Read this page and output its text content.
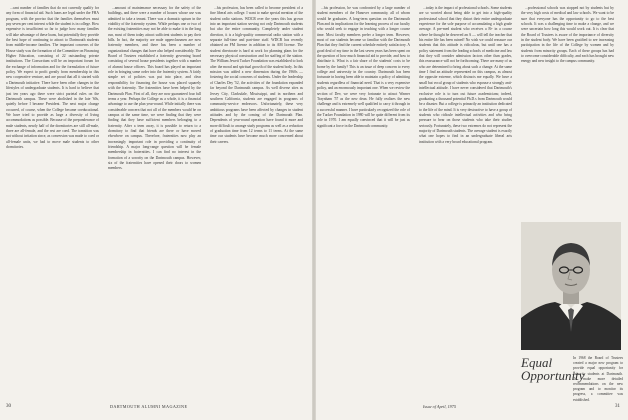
...cant number of families that do not currently qualify for any form of financial aid. Such loans are legal under the FHA program, with the proviso that the families themselves must pay seven per cent interest while the student is in college. How expensive is insufficient so far to judge how many families will take advantage of these loans, but potentially they provide the best hope of continuing to attract to Dartmouth students from middle-income families. The important concerns of the House study was the formation of the Committee on Financing Higher Education, consisting of 22 outstanding private institutions. The Consortium will be an important forum for the exchange of information and for the formulation of future policy. We expect to profit greatly from membership in this new cooperative venture, and are proud that all it started with a Dartmouth initiative. There have been other changes in the lifestyles of undergraduate students. It is hard to believe that just ten years ago there were strict parietal rules on the Dartmouth campus. These were abolished in the late '60s, quietly before I became President. The next major change occurred, of course, when the College became coeducational. We have tried to provide as large a diversity of living accommodations as possible. Because of the preponderance of male students, nearly half of the dormitories are still all-male, three are all-female, and the rest are coed. The transition was not without irritation since, as conversion was made to coed or all-female units, we had to move male students to other dormitories.

...amount of maintenance necessary for the safety of the buildings, and there were a number of houses whose use was admitted to take a tenant. There was a dramatic upturn in the viability of the fraternity system. While perhaps one or two of the existing fraternities may not be able to make it in the long run, most of them today attract sufficient students to pay their bills. In fact, the majority are male upperclassmen are now fraternity members, and there has been a number of organizational changes that have also helped considerably. The Board of Trustees established a fraternity governing board consisting of several house presidents together with a number of alumni house officers. This board has played an important role in bringing some order into the fraternity system. A fairly simple set of policies was put into place, and clear responsibility for financing the house was placed squarely with the fraternity. The fraternities have been helped by the Dartmouth Plan. First of all, they are now guaranteed four full terms a year. Perhaps the College as a whole, it is a financial advantage to use the plan year-round. While initially there was considerable concern that not all of the members would be on campus at the same time, we were finding that they were finding that they have sufficient members belonging to a fraternity. After a term away, it is possible to return to a dormitory to find that friends are there or have moved elsewhere on campus. Therefore, fraternities now play an increasingly important role in providing a continuity of friendship. A major long-range question will be female membership in fraternities. I can find no interest in the formation of a sorority on the Dartmouth campus. However, six of the fraternities have opened their doors to women members.

...his profession, has been called to become president of a fine liberal arts college. I want to make special mention of the student radio stations. WDCR over the years this has grown into an important station serving not only Dartmouth students but also the entire community. Completely under student direction, it is a high-quality commercial radio station with a separate full-time and part-time staff. WDCR has recently obtained an FM license in addition to its AM license. The student directorate is hard at work for planning plans for the necessary physical construction and for staffing of the station. The William Jewett Tucker Foundation was established to look after the moral and spiritual growth of the student body. In this mission was added a new dimension during the 1960s — fostering the social concerns of students. Under the leadership of Charles Dey '52, the activities of the foundation expanded far beyond the Dartmouth campus. As well diverse sites as Jersey City, Clarksdale, Mississippi, and in northern and southern California, students are engaged in programs of community-service endeavors. Unfortunately, these very ambitious programs have been affected by changes in student attitudes and by the coming of the Dartmouth Plan. Dependents of year-round operation have found it more and more difficult to arrange study programs as well as a reduction of graduation time from 12 terms to 11 terms. At the same time our students have become much more concerned about their careers.

30	DARTMOUTH ALUMNI MAGAZINE

...his profession, he was confronted by a large number of student members of the Hanover community, all of whom would be graduates. A long-term question on the Dartmouth Plan and its implications for the learning process of our faculty who would seek to engage in teaching with a longer course time. Most faculty members prefer a longer term. However, most of our students become so familiar with the Dartmouth Plan that they find the current schedule entirely satisfactory. A good deal of my time in the last seven years has been spent on the question of how much financial aid to provide, and how to distribute it. What is a fair share of the students' costs to be borne by the family? This is an issue of deep concern to every college and university in the country. Dartmouth has been fortunate in having been able to maintain a policy of admitting students regardless of financial need. That is a very expensive policy, and an enormously important one. When we review the section of Dev, we were very fortunate to attract Warner Traynham '57 as the new dean. He fully realizes the new challenge and is extremely well qualified to carry it through in a successful manner. I have particularly recognized the role of the Tucker Foundation in 1980 will be quite different from its role in 1970. I am equally convinced that it will be just as significant a force in the Dartmouth community.

...today is the impact of professional schools. Some students are so worried about being able to get into a high-quality professional school that they distort their entire undergraduate experience for the sole purpose of accumulating a high grade average. A pre-med student who receives a B+ in a course where he thought he deserved an A — will tell the teacher that his entire life has been ruined! No wish we could reassure our students that this attitude is ridiculous, but until one has a policy statement from the leading schools of medicine and law that they will consider admission factors other than grades, this reassurance will not be forthcoming. There are many of us who are determined to bring about such a change. At the same time I find an attitude represented on this campus, as almost the opposite extreme, which distracts me equally. We have a small but vocal group of students who espouse a strongly anti-intellectual attitude. I have never considered that Dartmouth's exclusive role is to turn out future academicians; indeed, graduating a thousand potential Ph.D.s from Dartmouth would be a disaster. But a college is primarily an institution dedicated to the life of the mind. It is very destructive to have a group of students who ridicule intellectual activities and who bring pressure to bear on those students who take their studies seriously. Fortunately, these two extremes do not represent the majority of Dartmouth students. The average student is exactly what one hopes to find in an undergraduate liberal arts institution with a very broad educational program.

...professional schools was stopped not by students but by the very high costs of medical and law schools. We want to be sure that everyone has the opportunity to go to the best schools. It was a challenging time to make a change, and we were uncertain how long this would work out. It is clear that the Board of Trustees is aware of the importance of diversity in the student body. We have been gratified to see increasing participation in the life of the College by women and by students from minority groups. Each of these groups has had to overcome considerable difficulty, and each has brought new energy and new insight to the campus community.

Equal Opportunity

In 1968 the Board of Trustees created a major new program to provide equal opportunity for minority students at Dartmouth. To make more detailed recommendations on the new program and to monitor its progress, a committee was established.

Issue of April, 1975	31
